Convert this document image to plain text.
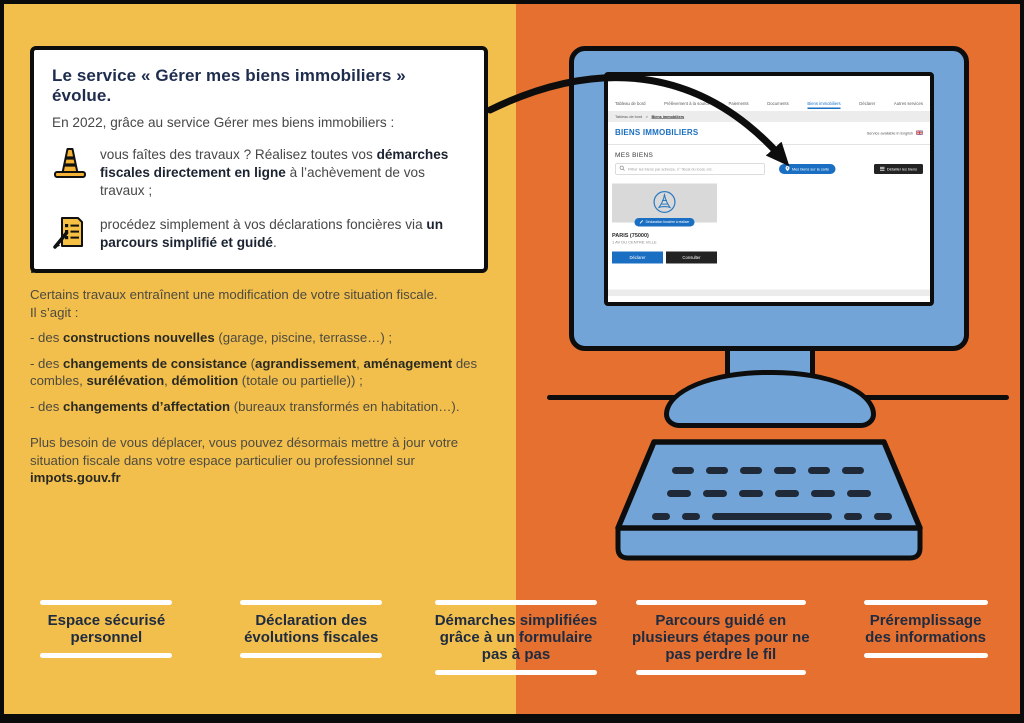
Le service « Gérer mes biens immobiliers » évolue.
En 2022, grâce au service Gérer mes biens immobiliers :
vous faîtes des travaux ? Réalisez toutes vos démarches fiscales directement en ligne à l’achèvement de vos travaux ;
procédez simplement à vos déclarations foncières via un parcours simplifié et guidé.

Certains travaux entraînent une modification de votre situation fiscale.
Il s’agit :

- des constructions nouvelles (garage, piscine, terrasse…) ;

- des changements de consistance (agrandissement, aménagement des combles, surélévation, démolition (totale ou partielle)) ;

- des changements d’affectation (bureaux transformés en habitation…).

Plus besoin de vous déplacer, vous pouvez désormais mettre à jour votre situation fiscale dans votre espace particulier ou professionnel sur impots.gouv.fr

Tableau de bord Prélèvement à la source Paiements Documents Biens immobiliers Déclarer Autres services
Tableau de bord > Biens immobiliers
BIENS IMMOBILIERS	Service available in English
MES BIENS
Filtrer les biens par adresse, n° fiscal du local, etc.
Mes biens sur la carte	Détailler les biens
Déclaration foncière à réaliser
PARIS (75000)
1 AV DU CENTRE VILLE
Déclarer	Consulter
Espace sécurisé personnel
Déclaration des évolutions fiscales
Démarches simplifiées grâce à un formulaire pas à pas
Parcours guidé en plusieurs étapes pour ne pas perdre le fil
Préremplissage des informations
